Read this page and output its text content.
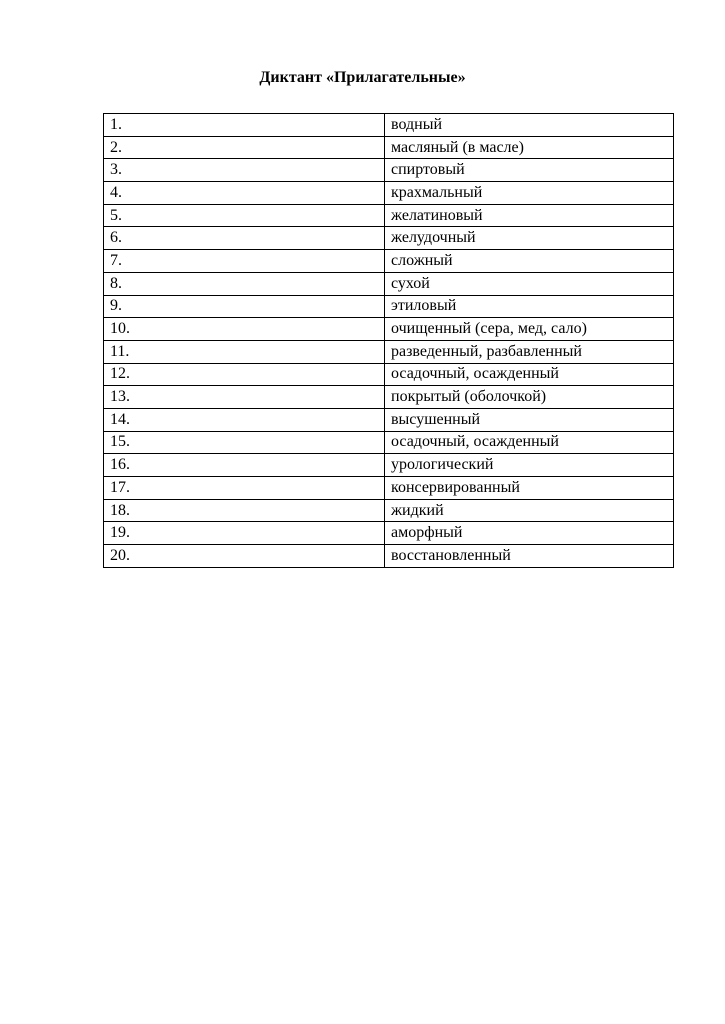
Диктант «Прилагательные»
1.	водный
2.	масляный (в масле)
3.	спиртовый
4.	крахмальный
5.	желатиновый
6.	желудочный
7.	сложный
8.	сухой
9.	этиловый
10.	очищенный (сера, мед, сало)
11.	разведенный, разбавленный
12.	осадочный, осажденный
13.	покрытый (оболочкой)
14.	высушенный
15.	осадочный, осажденный
16.	урологический
17.	консервированный
18.	жидкий
19.	аморфный
20.	восстановленный
